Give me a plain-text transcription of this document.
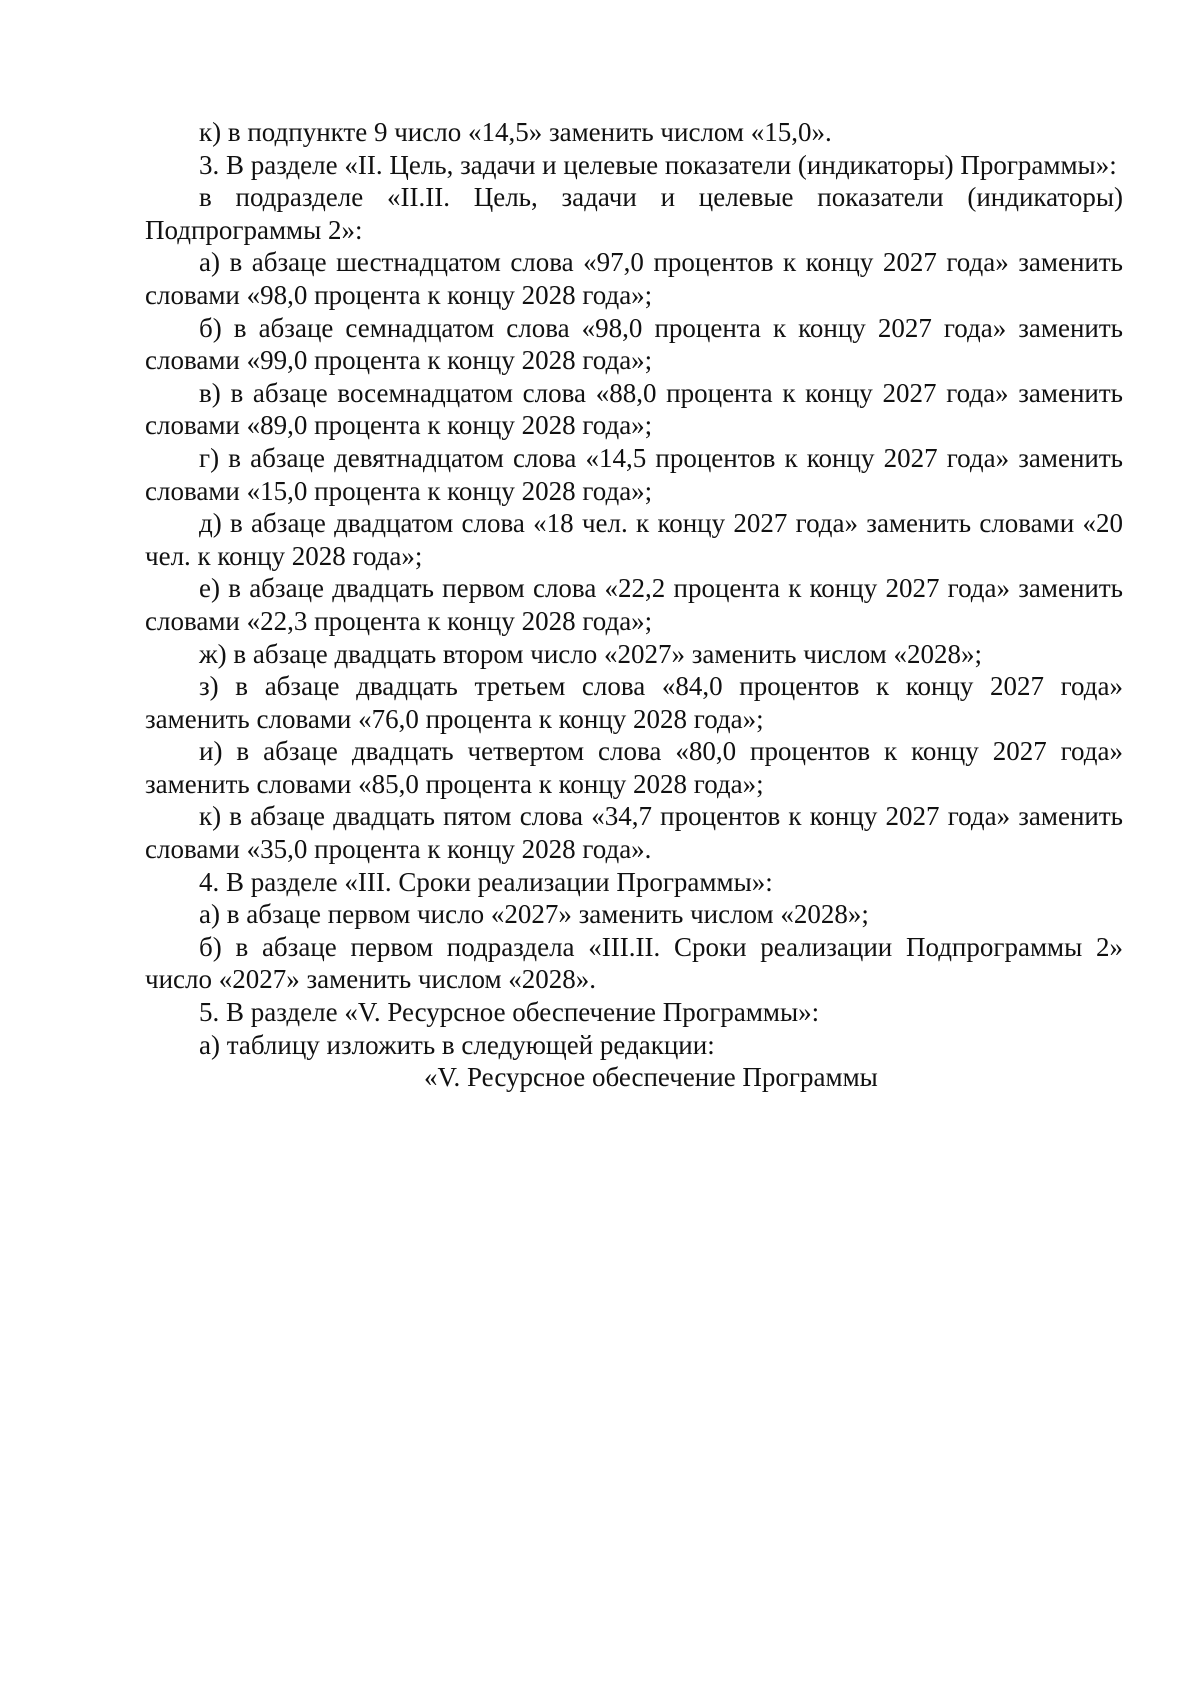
к) в подпункте 9 число «14,5» заменить числом «15,0».

3. В разделе «II. Цель, задачи и целевые показатели (индикаторы) Программы»:

в подразделе «II.II. Цель, задачи и целевые показатели (индикаторы) Подпрограммы 2»:

а) в абзаце шестнадцатом слова «97,0 процентов к концу 2027 года» заменить словами «98,0 процента к концу 2028 года»;

б) в абзаце семнадцатом слова «98,0 процента к концу 2027 года» заменить словами «99,0 процента к концу 2028 года»;

в) в абзаце восемнадцатом слова «88,0 процента к концу 2027 года» заменить словами «89,0 процента к концу 2028 года»;

г) в абзаце девятнадцатом слова «14,5 процентов к концу 2027 года» заменить словами «15,0 процента к концу 2028 года»;

д) в абзаце двадцатом слова «18 чел. к концу 2027 года» заменить словами «20 чел. к концу 2028 года»;

е) в абзаце двадцать первом слова «22,2 процента к концу 2027 года» заменить словами «22,3 процента к концу 2028 года»;

ж) в абзаце двадцать втором число «2027» заменить числом «2028»;

з) в абзаце двадцать третьем слова «84,0 процентов к концу 2027 года» заменить словами «76,0 процента к концу 2028 года»;

и) в абзаце двадцать четвертом слова «80,0 процентов к концу 2027 года» заменить словами «85,0 процента к концу 2028 года»;

к) в абзаце двадцать пятом слова «34,7 процентов к концу 2027 года» заменить словами «35,0 процента к концу 2028 года».

4. В разделе «III. Сроки реализации Программы»:

а) в абзаце первом число «2027» заменить числом «2028»;

б) в абзаце первом подраздела «III.II. Сроки реализации Подпрограммы 2» число «2027» заменить числом «2028».

5. В разделе «V. Ресурсное обеспечение Программы»:

а) таблицу изложить в следующей редакции:

«V. Ресурсное обеспечение Программы
